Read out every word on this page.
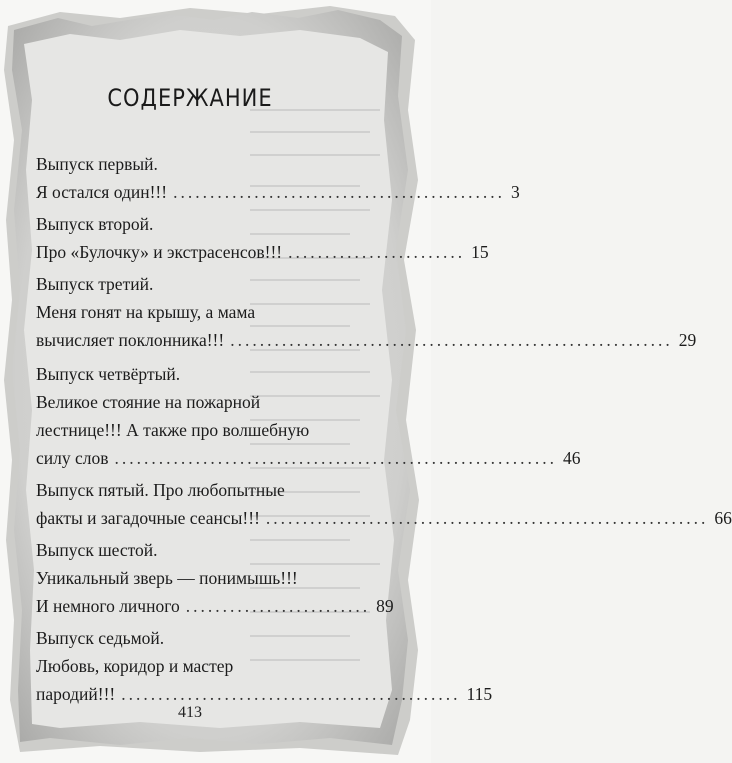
СОДЕРЖАНИЕ
Выпуск первый.
Я остался один!!! ............................................. 3
Выпуск второй.
Про «Булочку» и экстрасенсов!!! ........................ 15
Выпуск третий.
Меня гонят на крышу, а мама
вычисляет поклонника!!! ............................................................ 29
Выпуск четвёртый.
Великое стояние на пожарной
лестнице!!! А также про волшебную
силу слов ............................................................ 46
Выпуск пятый. Про любопытные
факты и загадочные сеансы!!! ............................................................ 66
Выпуск шестой.
Уникальный зверь — понимышь!!!
И немного личного ......................... 89
Выпуск седьмой.
Любовь, коридор и мастер
пародий!!! .............................................. 115
413
